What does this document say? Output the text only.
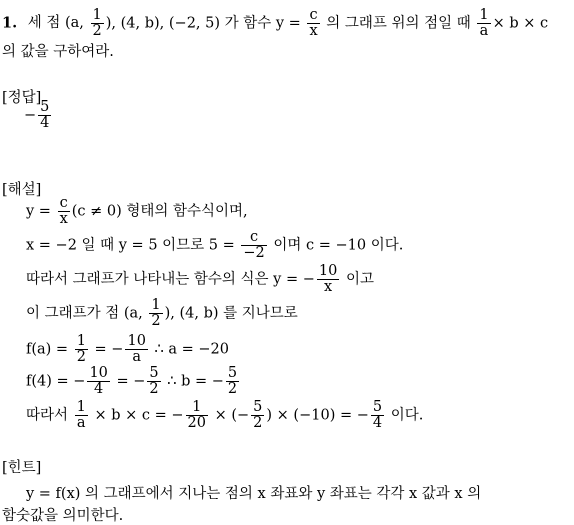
1. 세 점 (a, $\frac{1}{2}$ ), (4, b), (−2, 5) 가 함수 $y = \frac{c}{x}$ 의 그래프 위의 점일 때 $\frac{1}{a} \times b \times c$
의 값을 구하여라.
[정답]
− $\frac{5}{4}$
[해설]
$y = \frac{c}{x} (c \ne 0)$ 형태의 함수식이며,
x = −2 일 때 y = 5 이므로 $5 = \frac{c}{-2}$ 이며 c = −10 이다.
따라서 그래프가 나타내는 함수의 식은 y = − $\frac{10}{x}$ 이고
이 그래프가 점 (a, $\frac{1}{2}$ ), (4, b) 를 지나므로
$f(a) = \frac{1}{2}$ = − $\frac{10}{a}$ ∴ a = −20
f(4) = − $\frac{10}{4}$ = − $\frac{5}{2}$ ∴ b = − $\frac{5}{2}$
따라서 $\frac{1}{a} \times b \times c$ = − $\frac{1}{20}$ × (− $\frac{5}{2}$ ) × (−10) = − $\frac{5}{4}$ 이다.
[힌트]
y = f(x) 의 그래프에서 지나는 점의 x 좌표와 y 좌표는 각각 x 값과 x 의
함숫값을 의미한다.
